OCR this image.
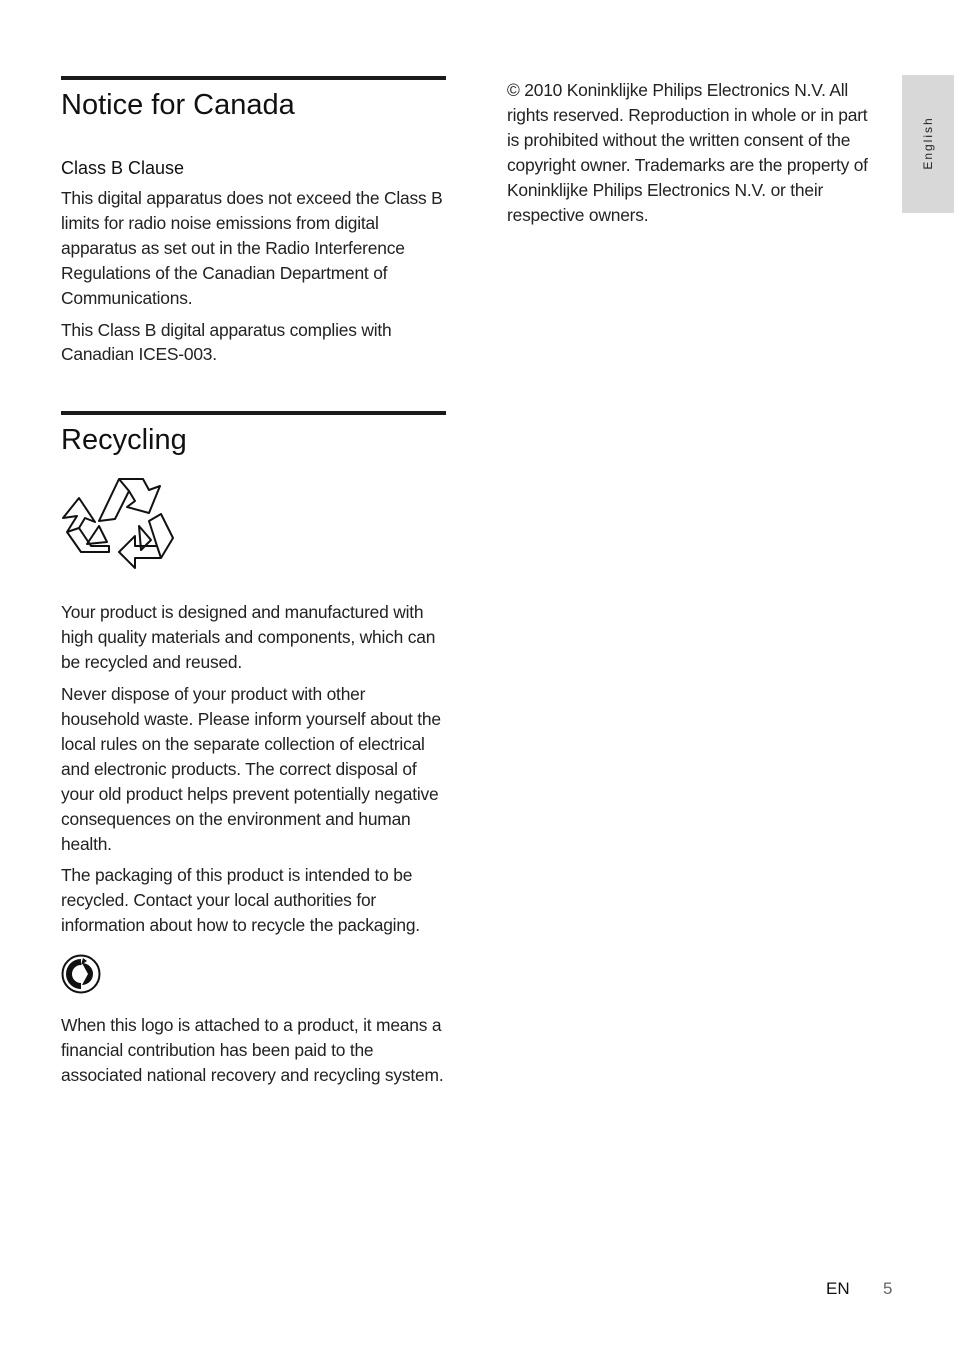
English
Notice for Canada
Class B Clause

This digital apparatus does not exceed the Class B limits for radio noise emissions from digital apparatus as set out in the Radio Interference Regulations of the Canadian Department of Communications.

This Class B digital apparatus complies with Canadian ICES-003.

Recycling

Your product is designed and manufactured with high quality materials and components, which can be recycled and reused.

Never dispose of your product with other household waste. Please inform yourself about the local rules on the separate collection of electrical and electronic products. The correct disposal of your old product helps prevent potentially negative consequences on the environment and human health.

The packaging of this product is intended to be recycled. Contact your local authorities for information about how to recycle the packaging.

When this logo is attached to a product, it means a financial contribution has been paid to the associated national recovery and recycling system.

© 2010 Koninklijke Philips Electronics N.V. All rights reserved. Reproduction in whole or in part is prohibited without the written consent of the copyright owner. Trademarks are the property of Koninklijke Philips Electronics N.V. or their respective owners.

EN 5
